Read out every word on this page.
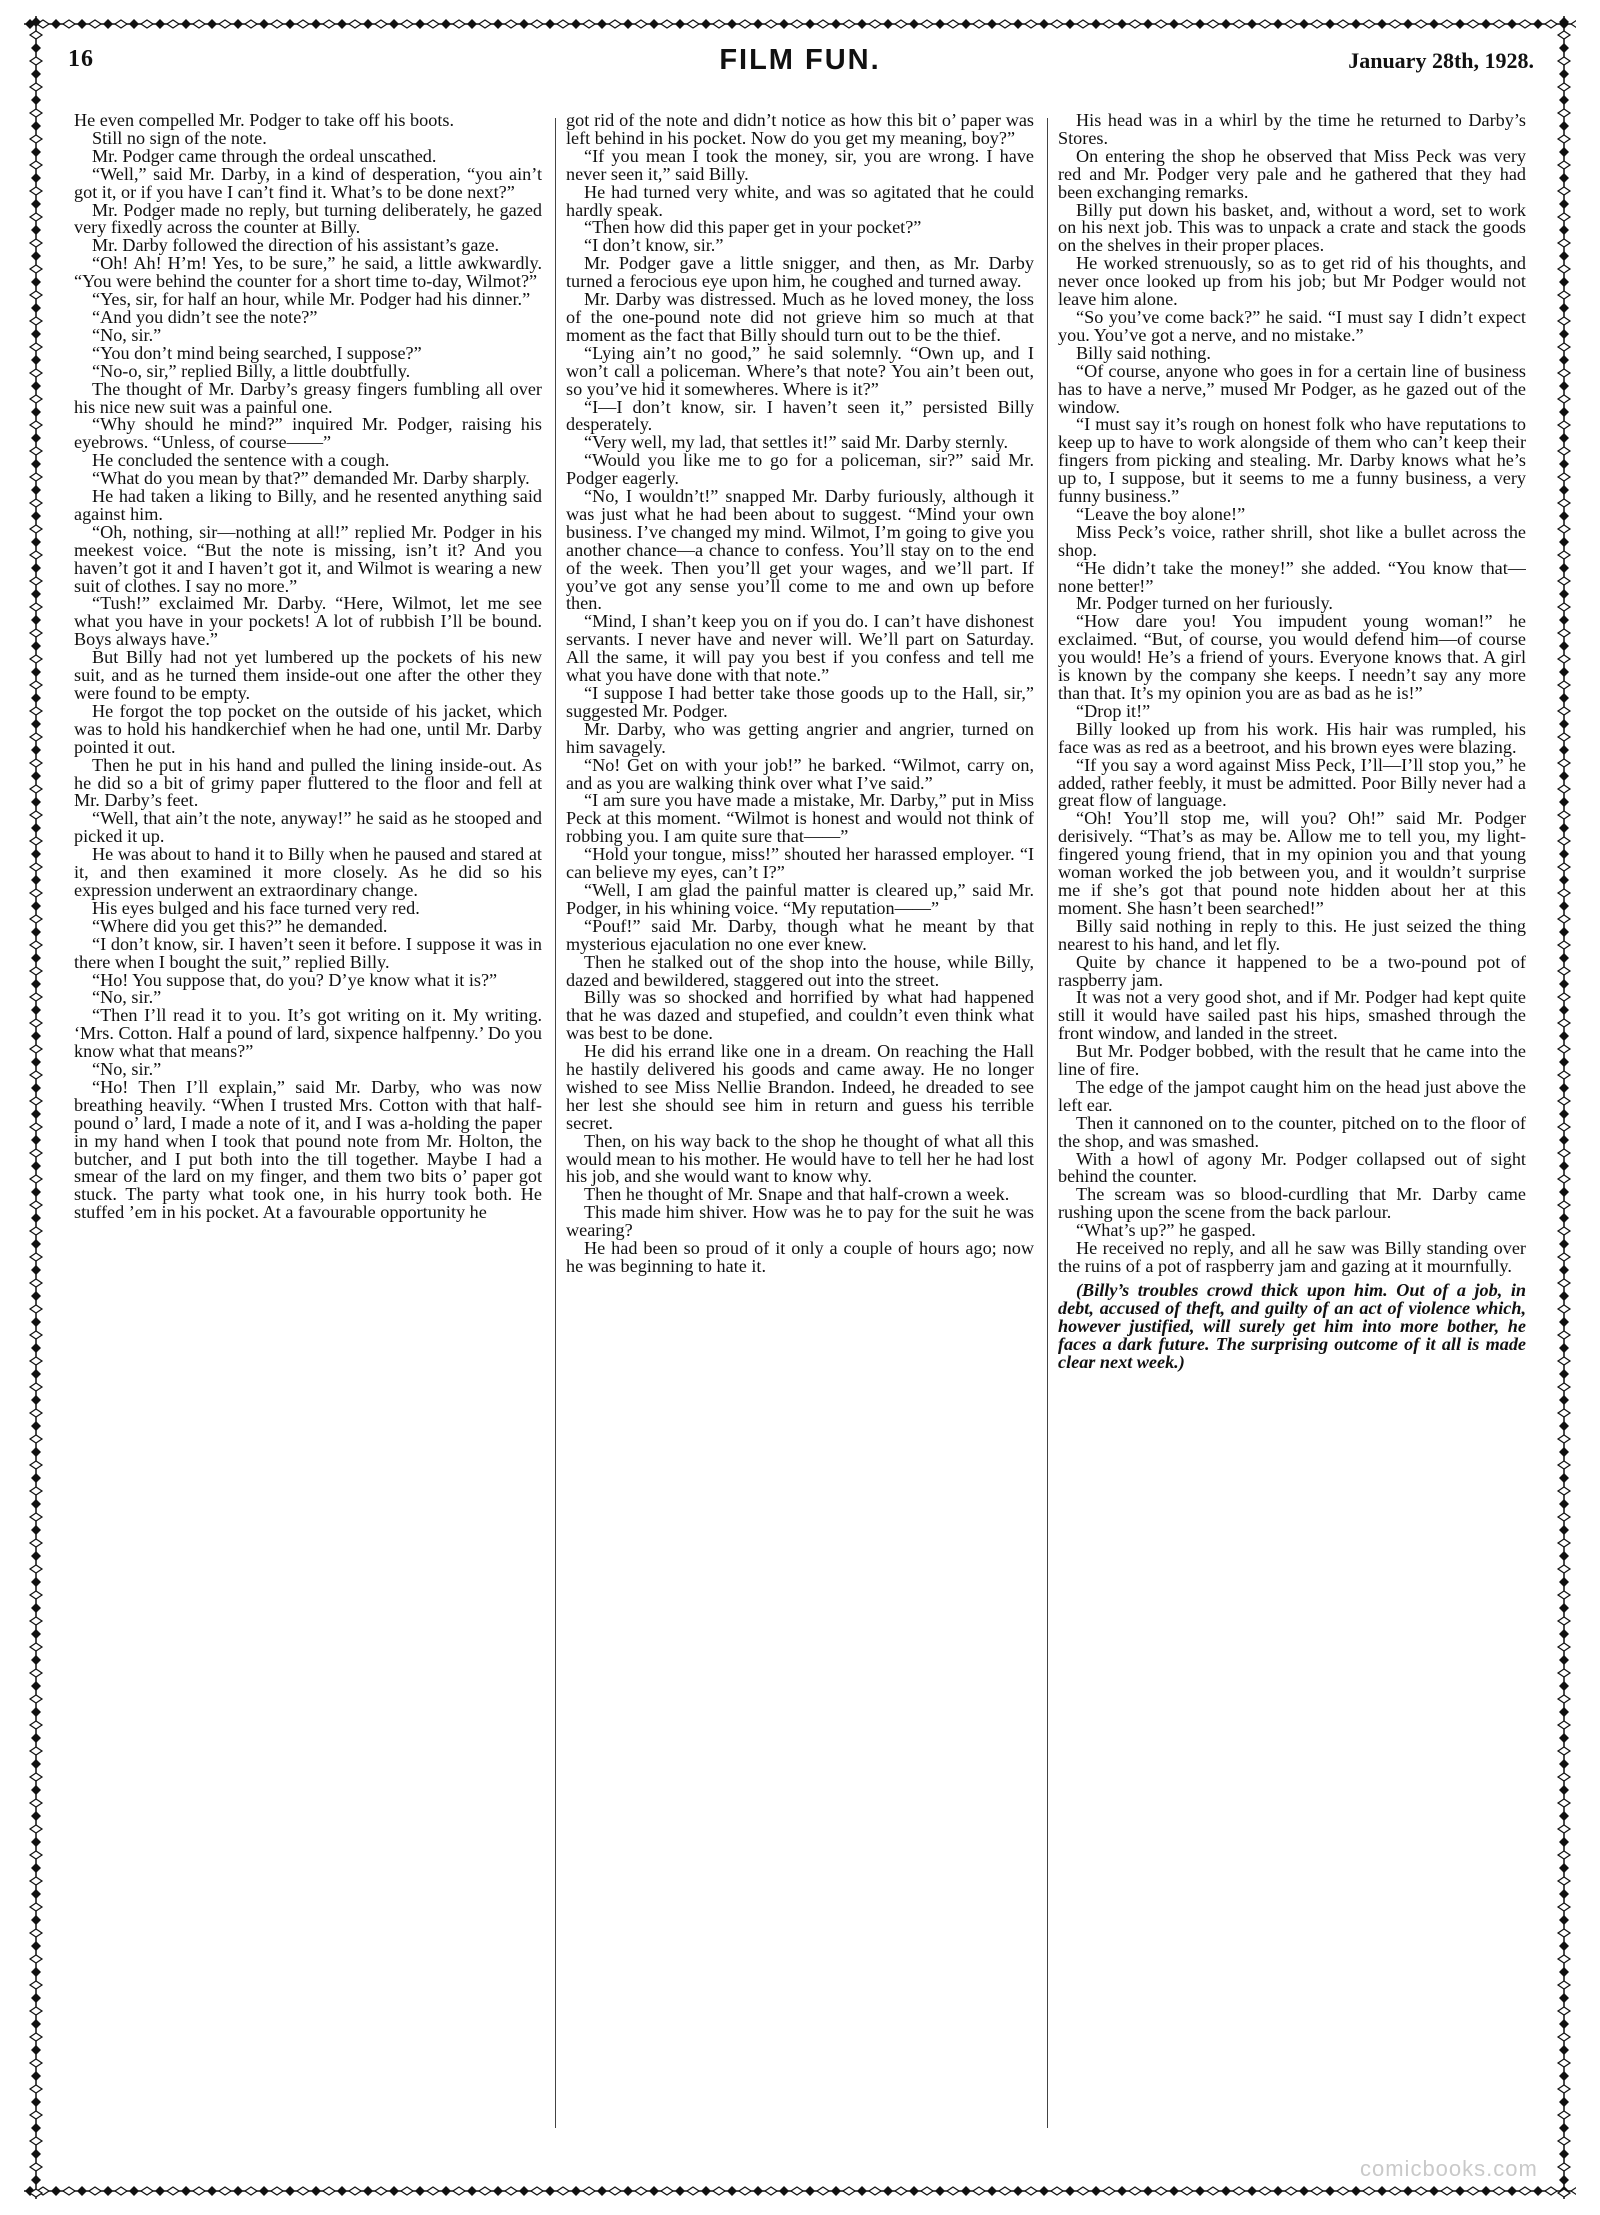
16	FILM FUN.	January 28th, 1928.

He even compelled Mr. Podger to take off his boots.

Still no sign of the note.

Mr. Podger came through the ordeal unscathed.

“Well,” said Mr. Darby, in a kind of desperation, “you ain’t got it, or if you have I can’t find it. What’s to be done next?”

Mr. Podger made no reply, but turning deliberately, he gazed very fixedly across the counter at Billy.

Mr. Darby followed the direction of his assistant’s gaze.

“Oh! Ah! H’m! Yes, to be sure,” he said, a little awkwardly. “You were behind the counter for a short time to-day, Wilmot?”

“Yes, sir, for half an hour, while Mr. Podger had his dinner.”

“And you didn’t see the note?”

“No, sir.”

“You don’t mind being searched, I suppose?”

“No-o, sir,” replied Billy, a little doubtfully.

The thought of Mr. Darby’s greasy fingers fumbling all over his nice new suit was a painful one.

“Why should he mind?” inquired Mr. Podger, raising his eyebrows. “Unless, of course——”

He concluded the sentence with a cough.

“What do you mean by that?” demanded Mr. Darby sharply.

He had taken a liking to Billy, and he resented anything said against him.

“Oh, nothing, sir—nothing at all!” replied Mr. Podger in his meekest voice. “But the note is missing, isn’t it? And you haven’t got it and I haven’t got it, and Wilmot is wearing a new suit of clothes. I say no more.”

“Tush!” exclaimed Mr. Darby. “Here, Wilmot, let me see what you have in your pockets! A lot of rubbish I’ll be bound. Boys always have.”

But Billy had not yet lumbered up the pockets of his new suit, and as he turned them inside-out one after the other they were found to be empty.

He forgot the top pocket on the outside of his jacket, which was to hold his handkerchief when he had one, until Mr. Darby pointed it out.

Then he put in his hand and pulled the lining inside-out. As he did so a bit of grimy paper fluttered to the floor and fell at Mr. Darby’s feet.

“Well, that ain’t the note, anyway!” he said as he stooped and picked it up.

He was about to hand it to Billy when he paused and stared at it, and then examined it more closely. As he did so his expression underwent an extraordinary change.

His eyes bulged and his face turned very red.

“Where did you get this?” he demanded.

“I don’t know, sir. I haven’t seen it before. I suppose it was in there when I bought the suit,” replied Billy.

“Ho! You suppose that, do you? D’ye know what it is?”

“No, sir.”

“Then I’ll read it to you. It’s got writing on it. My writing. ‘Mrs. Cotton. Half a pound of lard, sixpence halfpenny.’ Do you know what that means?”

“No, sir.”

“Ho! Then I’ll explain,” said Mr. Darby, who was now breathing heavily. “When I trusted Mrs. Cotton with that half-pound o’ lard, I made a note of it, and I was a-holding the paper in my hand when I took that pound note from Mr. Holton, the butcher, and I put both into the till together. Maybe I had a smear of the lard on my finger, and them two bits o’ paper got stuck. The party what took one, in his hurry took both. He stuffed ’em in his pocket. At a favourable opportunity he

got rid of the note and didn’t notice as how this bit o’ paper was left behind in his pocket. Now do you get my meaning, boy?”

“If you mean I took the money, sir, you are wrong. I have never seen it,” said Billy.

He had turned very white, and was so agitated that he could hardly speak.

“Then how did this paper get in your pocket?”

“I don’t know, sir.”

Mr. Podger gave a little snigger, and then, as Mr. Darby turned a ferocious eye upon him, he coughed and turned away.

Mr. Darby was distressed. Much as he loved money, the loss of the one-pound note did not grieve him so much at that moment as the fact that Billy should turn out to be the thief.

“Lying ain’t no good,” he said solemnly. “Own up, and I won’t call a policeman. Where’s that note? You ain’t been out, so you’ve hid it somewheres. Where is it?”

“I—I don’t know, sir. I haven’t seen it,” persisted Billy desperately.

“Very well, my lad, that settles it!” said Mr. Darby sternly.

“Would you like me to go for a policeman, sir?” said Mr. Podger eagerly.

“No, I wouldn’t!” snapped Mr. Darby furiously, although it was just what he had been about to suggest. “Mind your own business. I’ve changed my mind. Wilmot, I’m going to give you another chance—a chance to confess. You’ll stay on to the end of the week. Then you’ll get your wages, and we’ll part. If you’ve got any sense you’ll come to me and own up before then.

“Mind, I shan’t keep you on if you do. I can’t have dishonest servants. I never have and never will. We’ll part on Saturday. All the same, it will pay you best if you confess and tell me what you have done with that note.”

“I suppose I had better take those goods up to the Hall, sir,” suggested Mr. Podger.

Mr. Darby, who was getting angrier and angrier, turned on him savagely.

“No! Get on with your job!” he barked. “Wilmot, carry on, and as you are walking think over what I’ve said.”

“I am sure you have made a mistake, Mr. Darby,” put in Miss Peck at this moment. “Wilmot is honest and would not think of robbing you. I am quite sure that——”

“Hold your tongue, miss!” shouted her harassed employer. “I can believe my eyes, can’t I?”

“Well, I am glad the painful matter is cleared up,” said Mr. Podger, in his whining voice. “My reputation——”

“Pouf!” said Mr. Darby, though what he meant by that mysterious ejaculation no one ever knew.

Then he stalked out of the shop into the house, while Billy, dazed and bewildered, staggered out into the street.

Billy was so shocked and horrified by what had happened that he was dazed and stupefied, and couldn’t even think what was best to be done.

He did his errand like one in a dream. On reaching the Hall he hastily delivered his goods and came away. He no longer wished to see Miss Nellie Brandon. Indeed, he dreaded to see her lest she should see him in return and guess his terrible secret.

Then, on his way back to the shop he thought of what all this would mean to his mother. He would have to tell her he had lost his job, and she would want to know why.

Then he thought of Mr. Snape and that half-crown a week.

This made him shiver. How was he to pay for the suit he was wearing?

He had been so proud of it only a couple of hours ago; now he was beginning to hate it.

His head was in a whirl by the time he returned to Darby’s Stores.

On entering the shop he observed that Miss Peck was very red and Mr. Podger very pale and he gathered that they had been exchanging remarks.

Billy put down his basket, and, without a word, set to work on his next job. This was to unpack a crate and stack the goods on the shelves in their proper places.

He worked strenuously, so as to get rid of his thoughts, and never once looked up from his job; but Mr Podger would not leave him alone.

“So you’ve come back?” he said. “I must say I didn’t expect you. You’ve got a nerve, and no mistake.”

Billy said nothing.

“Of course, anyone who goes in for a certain line of business has to have a nerve,” mused Mr Podger, as he gazed out of the window.

“I must say it’s rough on honest folk who have reputations to keep up to have to work alongside of them who can’t keep their fingers from picking and stealing. Mr. Darby knows what he’s up to, I suppose, but it seems to me a funny business, a very funny business.”

“Leave the boy alone!”

Miss Peck’s voice, rather shrill, shot like a bullet across the shop.

“He didn’t take the money!” she added. “You know that—none better!”

Mr. Podger turned on her furiously.

“How dare you! You impudent young woman!” he exclaimed. “But, of course, you would defend him—of course you would! He’s a friend of yours. Everyone knows that. A girl is known by the company she keeps. I needn’t say any more than that. It’s my opinion you are as bad as he is!”

“Drop it!”

Billy looked up from his work. His hair was rumpled, his face was as red as a beetroot, and his brown eyes were blazing.

“If you say a word against Miss Peck, I’ll—I’ll stop you,” he added, rather feebly, it must be admitted. Poor Billy never had a great flow of language.

“Oh! You’ll stop me, will you? Oh!” said Mr. Podger derisively. “That’s as may be. Allow me to tell you, my light-fingered young friend, that in my opinion you and that young woman worked the job between you, and it wouldn’t surprise me if she’s got that pound note hidden about her at this moment. She hasn’t been searched!”

Billy said nothing in reply to this. He just seized the thing nearest to his hand, and let fly.

Quite by chance it happened to be a two-pound pot of raspberry jam.

It was not a very good shot, and if Mr. Podger had kept quite still it would have sailed past his hips, smashed through the front window, and landed in the street.

But Mr. Podger bobbed, with the result that he came into the line of fire.

The edge of the jampot caught him on the head just above the left ear.

Then it cannoned on to the counter, pitched on to the floor of the shop, and was smashed.

With a howl of agony Mr. Podger collapsed out of sight behind the counter.

The scream was so blood-curdling that Mr. Darby came rushing upon the scene from the back parlour.

“What’s up?” he gasped.

He received no reply, and all he saw was Billy standing over the ruins of a pot of raspberry jam and gazing at it mournfully.

(Billy’s troubles crowd thick upon him. Out of a job, in debt, accused of theft, and guilty of an act of violence which, however justified, will surely get him into more bother, he faces a dark future. The surprising outcome of it all is made clear next week.)

comicbooks.com
